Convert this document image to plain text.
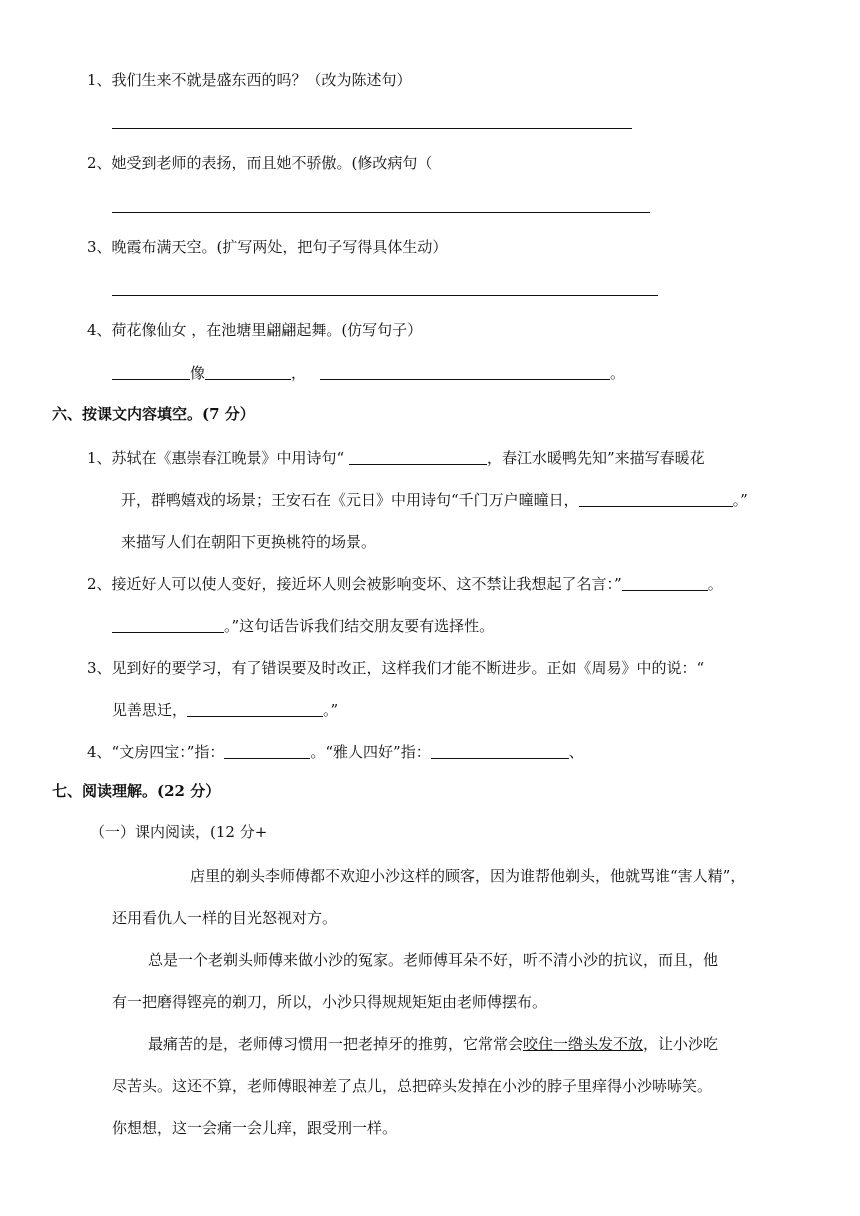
1、我们生来不就是盛东西的吗？（改为陈述句）
2、她受到老师的表扬，而且她不骄傲。(修改病句（
3、晚霞布满天空。(扩写两处，把句子写得具体生动）
4、荷花像仙女 ，在池塘里翩翩起舞。(仿写句子）
像	，	。
六、按课文内容填空。(7 分）
1、苏轼在《惠崇春江晚景》中用诗句“	，春江水暖鸭先知”来描写春暖花
开，群鸭嬉戏的场景；王安石在《元日》中用诗句“千门万户曈曈日，	。”
来描写人们在朝阳下更换桃符的场景。
2、接近好人可以使人变好，接近坏人则会被影响变坏、这不禁让我想起了名言：”	。
。”这句话告诉我们结交朋友要有选择性。
3、见到好的要学习，有了错误要及时改正，这样我们才能不断进步。正如《周易》中的说：“
见善思迁，	。”
4、“文房四宝：”指：	。“雅人四好”指：	、
七、阅读理解。(22 分）
（一）课内阅读，(12 分+
店里的剃头李师傅都不欢迎小沙这样的顾客，因为谁帮他剃头，他就骂谁“害人精”，
还用看仇人一样的目光怒视对方。
总是一个老剃头师傅来做小沙的冤家。老师傅耳朵不好，听不清小沙的抗议，而且，他
有一把磨得铿亮的剃刀，所以，小沙只得规规矩矩由老师傅摆布。
最痛苦的是，老师傅习惯用一把老掉牙的推剪，它常常会咬住一绺头发不放，让小沙吃
尽苦头。这还不算，老师傅眼神差了点儿，总把碎头发掉在小沙的脖子里痒得小沙哧哧笑。
你想想，这一会痛一会儿痒，跟受刑一样。
